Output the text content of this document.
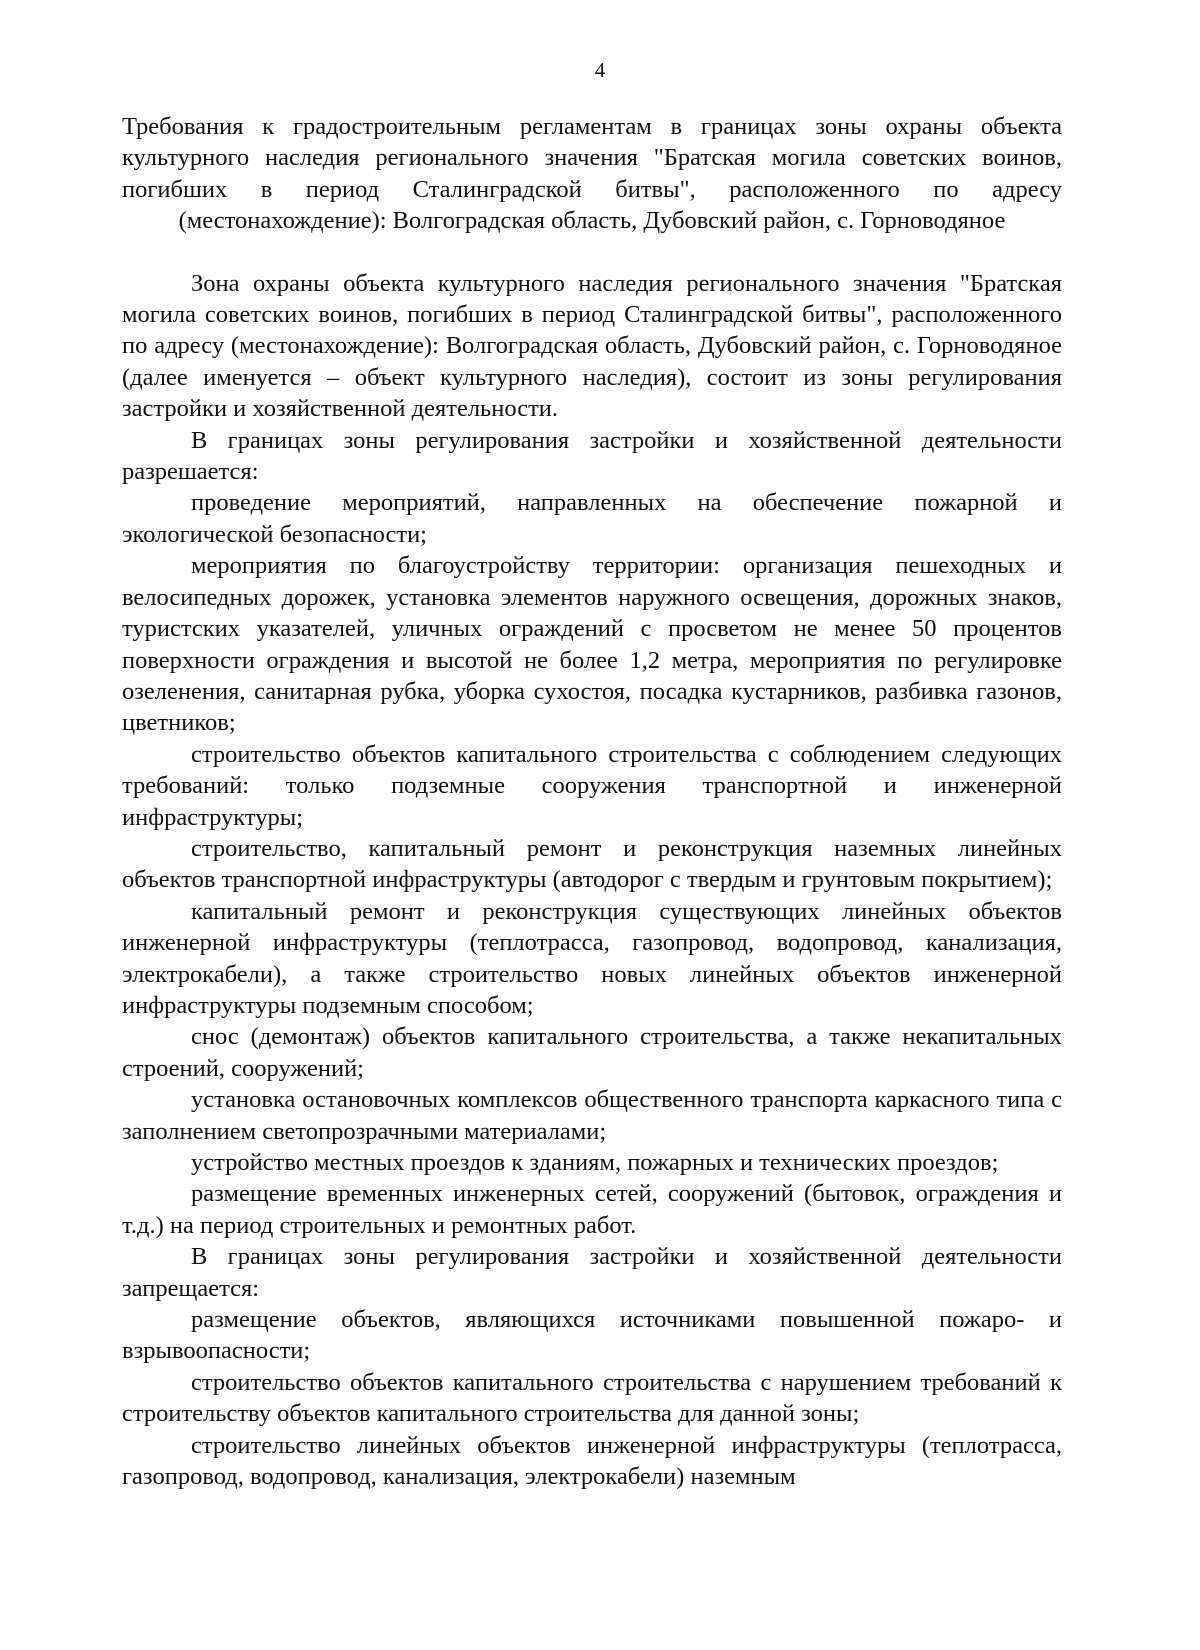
4

Требования к градостроительным регламентам в границах зоны охраны объекта культурного наследия регионального значения "Братская могила советских воинов, погибших в период Сталинградской битвы", расположенного по адресу (местонахождение): Волгоградская область, Дубовский район, с. Горноводяное

Зона охраны объекта культурного наследия регионального значения "Братская могила советских воинов, погибших в период Сталинградской битвы", расположенного по адресу (местонахождение): Волгоградская область, Дубовский район, с. Горноводяное (далее именуется – объект культурного наследия), состоит из зоны регулирования застройки и хозяйственной деятельности.

В границах зоны регулирования застройки и хозяйственной деятельности разрешается:

проведение мероприятий, направленных на обеспечение пожарной и экологической безопасности;

мероприятия по благоустройству территории: организация пешеходных и велосипедных дорожек, установка элементов наружного освещения, дорожных знаков, туристских указателей, уличных ограждений с просветом не менее 50 процентов поверхности ограждения и высотой не более 1,2 метра, мероприятия по регулировке озеленения, санитарная рубка, уборка сухостоя, посадка кустарников, разбивка газонов, цветников;

строительство объектов капитального строительства с соблюдением следующих требований: только подземные сооружения транспортной и инженерной инфраструктуры;

строительство, капитальный ремонт и реконструкция наземных линейных объектов транспортной инфраструктуры (автодорог с твердым и грунтовым покрытием);

капитальный ремонт и реконструкция существующих линейных объектов инженерной инфраструктуры (теплотрасса, газопровод, водопровод, канализация, электрокабели), а также строительство новых линейных объектов инженерной инфраструктуры подземным способом;

снос (демонтаж) объектов капитального строительства, а также некапитальных строений, сооружений;

установка остановочных комплексов общественного транспорта каркасного типа с заполнением светопрозрачными материалами;

устройство местных проездов к зданиям, пожарных и технических проездов;

размещение временных инженерных сетей, сооружений (бытовок, ограждения и т.д.) на период строительных и ремонтных работ.

В границах зоны регулирования застройки и хозяйственной деятельности запрещается:

размещение объектов, являющихся источниками повышенной пожаро- и взрывоопасности;

строительство объектов капитального строительства с нарушением требований к строительству объектов капитального строительства для данной зоны;

строительство линейных объектов инженерной инфраструктуры (теплотрасса, газопровод, водопровод, канализация, электрокабели) наземным
